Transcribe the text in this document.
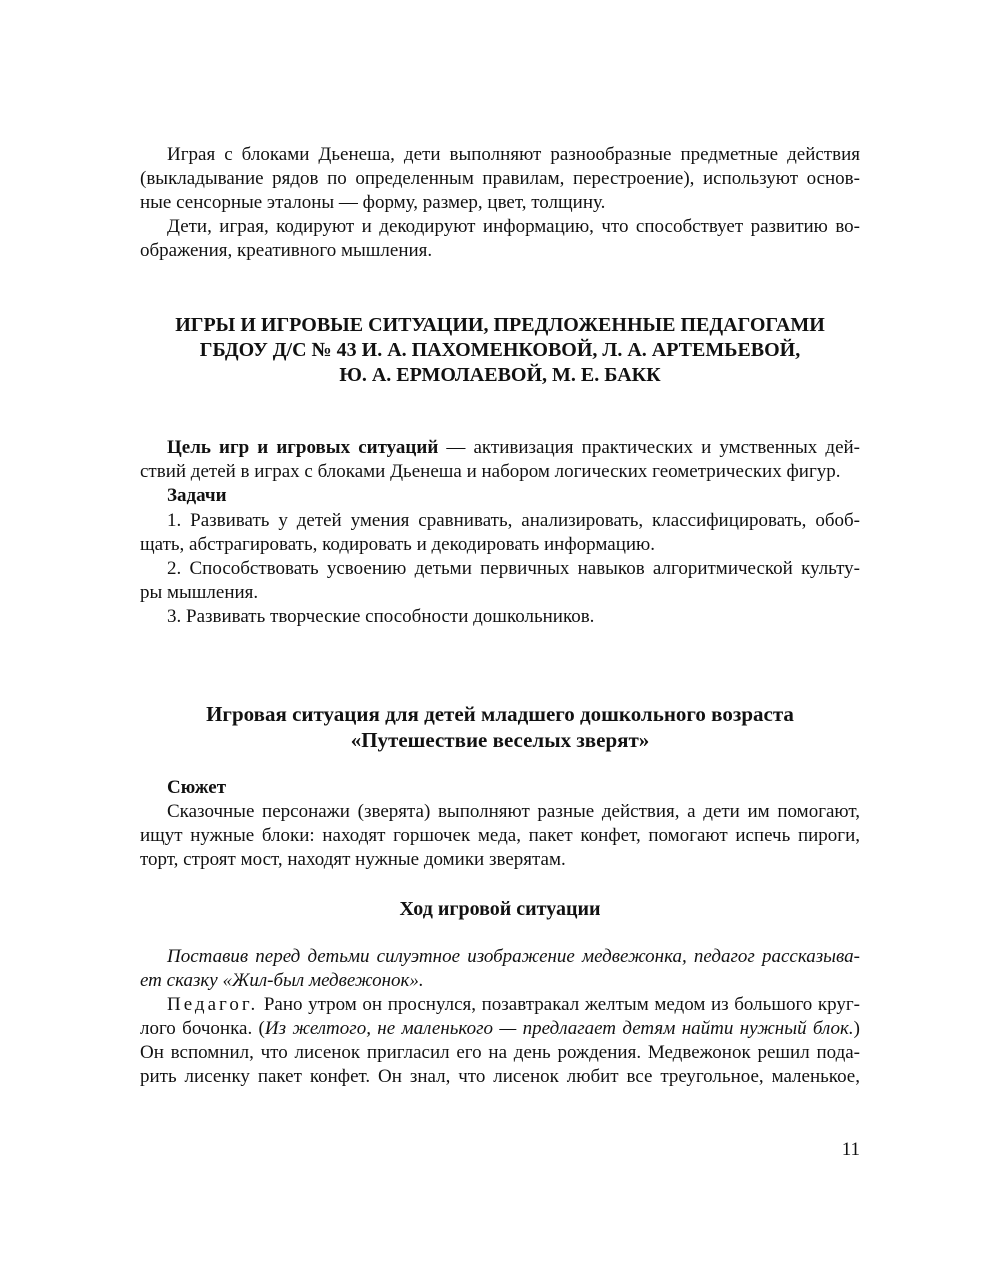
Играя с блоками Дьенеша, дети выполняют разнообразные предметные действия

(выкладывание рядов по определенным правилам, перестроение), используют основ-

ные сенсорные эталоны — форму, размер, цвет, толщину.

Дети, играя, кодируют и декодируют информацию, что способствует развитию во-

ображения, креативного мышления.

ИГРЫ И ИГРОВЫЕ СИТУАЦИИ, ПРЕДЛОЖЕННЫЕ ПЕДАГОГАМИ

ГБДОУ Д/С № 43 И. А. ПАХОМЕНКОВОЙ, Л. А. АРТЕМЬЕВОЙ,

Ю. А. ЕРМОЛАЕВОЙ, М. Е. БАКК

Цель игр и игровых ситуаций — активизация практических и умственных дей-

ствий детей в играх с блоками Дьенеша и набором логических геометрических фигур.

Задачи

1. Развивать у детей умения сравнивать, анализировать, классифицировать, обоб-

щать, абстрагировать, кодировать и декодировать информацию.

2. Способствовать усвоению детьми первичных навыков алгоритмической культу-

ры мышления.

3. Развивать творческие способности дошкольников.

Игровая ситуация для детей младшего дошкольного возраста

«Путешествие веселых зверят»

Сюжет

Сказочные персонажи (зверята) выполняют разные действия, а дети им помогают,

ищут нужные блоки: находят горшочек меда, пакет конфет, помогают испечь пироги,

торт, строят мост, находят нужные домики зверятам.

Ход игровой ситуации

Поставив перед детьми силуэтное изображение медвежонка, педагог рассказыва-

ет сказку «Жил-был медвежонок».

Педагог. Рано утром он проснулся, позавтракал желтым медом из большого круг-

лого бочонка. (Из желтого, не маленького — предлагает детям найти нужный блок.)

Он вспомнил, что лисенок пригласил его на день рождения. Медвежонок решил пода-

рить лисенку пакет конфет. Он знал, что лисенок любит все треугольное, маленькое,

11
